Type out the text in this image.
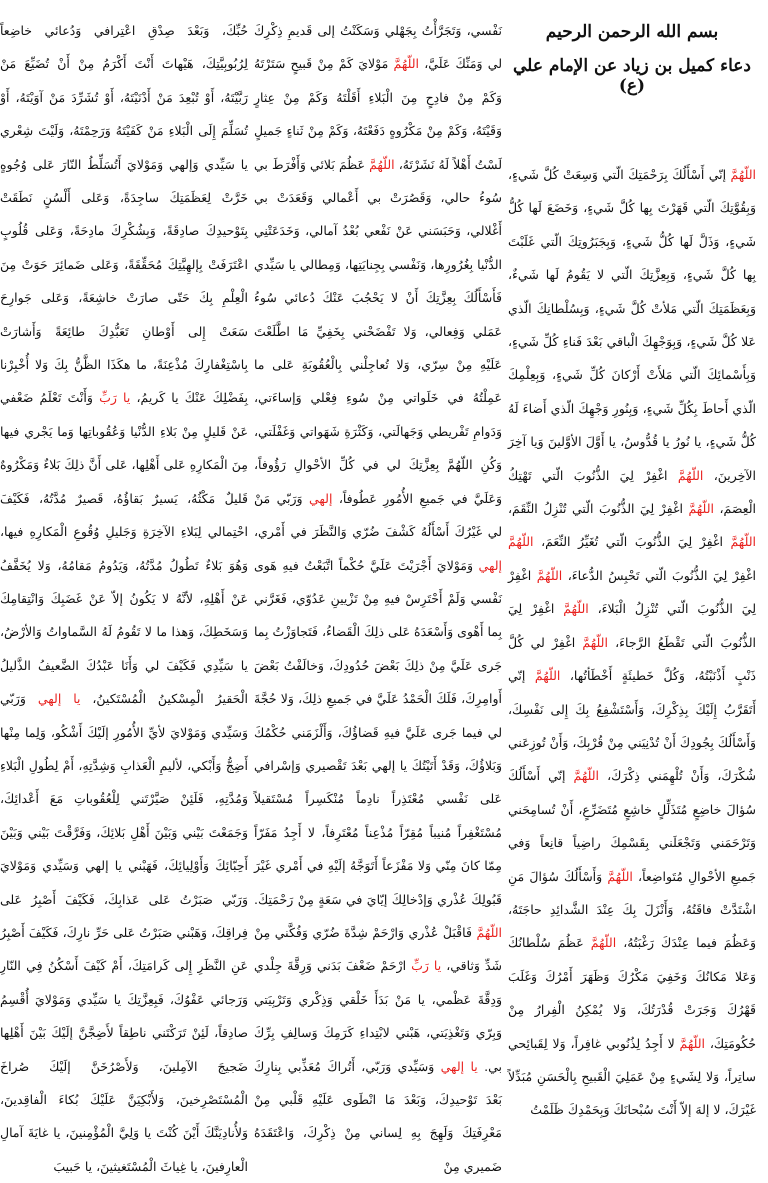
بسم الله الرحمن الرحيم
دعاء كميل بن زياد عن الإمام علي (ع)

اللّهُمَّ إنّي أَسْأَلُكَ بِرَحْمَتِكَ الّتي وَسِعَتْ كُلَّ شَيءٍ، وَبِقُوَّتِكَ الّتي قَهَرْتَ بِها كُلَّ شَيءٍ، وَخَضَعَ لَها كُلُّ شَيءٍ، وَذَلَّ لَها كُلُّ شَيءٍ، وَبِجَبَرُوتِكَ الّتي غَلَبْتَ بِها كُلَّ شَيءٍ، وَبِعِزَّتِكَ الّتي لا يَقُومُ لَها شَيءٌ، وَبِعَظَمَتِكَ الّتي مَلأتْ كُلَّ شَيءٍ، وَبِسُلْطانِكَ الّذي عَلا كُلَّ شَيءٍ، وَبِوَجْهِكَ الْباقي بَعْدَ فَناءِ كُلِّ شَيءٍ، وَبِأَسْمائِكَ الّتي مَلأَتْ أَرْكانَ كُلِّ شَيءٍ، وَبِعِلْمِكَ الّذي أَحاطَ بِكُلِّ شَيءٍ، وَبِنُورِ وَجْهِكَ الّذي أَضاءَ لَهُ كُلُّ شَيءٍ، يا نُورُ يا قُدُّوسُ، يا أَوَّلَ الأوَّلينَ وَيا آخِرَ الآخِرينَ، اللّهُمَّ اغْفِرْ لِيَ الذُّنُوبَ الّتي تَهْتِكُ الْعِصَمَ، اللّهُمَّ اغْفِرْ لِيَ الذُّنُوبَ الّتي تُنْزِلُ النِّقَمَ، اللّهُمَّ اغْفِرْ لِيَ الذُّنُوبَ الّتي تُغَيِّرُ النِّعَمَ، اللّهُمَّ اغْفِرْ لِيَ الذُّنُوبَ الّتي تَحْبِسُ الدُّعاءَ، اللّهُمَّ اغْفِرْ لِيَ الذُّنُوبَ الّتي تُنْزِلُ الْبَلاءَ، اللّهُمَّ اغْفِرْ لِيَ الذُّنُوبَ الّتي تَقْطَعُ الرَّجاءَ، اللّهُمَّ اغْفِرْ لي كُلَّ ذَنْبٍ أَذْنَبْتُهُ، وَكُلَّ خَطيئَةٍ أَخْطَأتُها، اللّهُمَّ إنّي أَتَقَرَّبُ إِلَيْكَ بِذِكْرِكَ، وَأَسْتَشْفِعُ بِكَ إِلى نَفْسِكَ، وَأَسْأَلُكَ بِجُودِكَ أَنْ تُدْنِيَني مِنْ قُرْبِكَ، وَأَنْ تُوزِعَني شُكْرَكَ، وَأَنْ تُلْهِمَني ذِكْرَكَ، اللّهُمَّ إنّي أَسْأَلُكَ سُؤالَ خاضِعٍ مُتَذَلِّلٍ خاشِعٍ مُتَضَرِّعٍ، أَنْ تُسامِحَني وَتَرْحَمَني وَتَجْعَلَني بِقَسْمِكَ راضِياً قانِعاً وَفي جَميعِ الأحْوالِ مُتَواضِعاً، اللّهُمَّ وَأَسْأَلُكَ سُؤالَ مَنِ اشْتَدَّتْ فاقَتُهُ، وَأَنْزَلَ بِكَ عِنْدَ الشَّدائِدِ حاجَتَهُ، وَعَظُمَ فيما عِنْدَكَ رَغْبَتُهُ، اللّهُمَّ عَظُمَ سُلْطانُكَ وَعَلا مَكانُكَ وَخَفِيَ مَكْرُكَ وَظَهَرَ أَمْرُكَ وَغَلَبَ قَهْرُكَ وَجَرَتْ قُدْرَتُكَ، وَلا يُمْكِنُ الْفِرارُ مِنْ حُكُومَتِكَ، اللّهُمَّ لا أَجِدُ لِذُنُوبي غافِراً، وَلا لِقَبائِحي ساتِراً، وَلا لِشَيءٍ مِنْ عَمَلِيَ الْقَبيحِ بِالْحَسَنِ مُبَدِّلاً غَيْرَكَ، لا إلهَ إلاّ أَنْتَ سُبْحانَكَ وَبِحَمْدِكَ ظَلَمْتُ

نَفْسي، وَتَجَرَّأْتُ بِجَهْلي وَسَكَنْتُ إلى قَديمِ ذِكْرِكَ لي وَمَنِّكَ عَلَيَّ، اللّهُمَّ مَوْلايَ كَمْ مِنْ قَبيحٍ سَتَرْتَهُ وَكَمْ مِنْ فادِحٍ مِنَ الْبَلاءِ أَقَلْتَهُ وَكَمْ مِنْ عِثارٍ وَقَيْتَهُ، وَكَمْ مِنْ مَكْرُوهٍ دَفَعْتَهُ، وَكَمْ مِنْ ثَناءٍ جَميلٍ لَسْتُ أَهْلاً لَهُ نَشَرْتَهُ، اللّهُمَّ عَظُمَ بَلائي وَأَفْرَطَ بي سُوءُ حالي، وَقَصُرَتْ بي أَعْمالي وَقَعَدَتْ بي أَغْلالي، وَحَبَسَني عَنْ نَفْعي بُعْدُ آمالي، وَخَدَعَتْنِي الدُّنْيا بِغُرُورِها، وَنَفْسي بِجِنايَتِها، وَمِطالي يا سَيِّدي فَأَسْأَلُكَ بِعِزَّتِكَ أَنْ لا يَحْجُبَ عَنْكَ دُعائي سُوءُ عَمَلي وَفِعالي، وَلا تَفْضَحْني بِخَفِيِّ مَا اطَّلَعْتَ عَلَيْهِ مِنْ سِرّي، وَلا تُعاجِلْني بِالْعُقُوبَةِ عَلى ما عَمِلْتُهُ في خَلَواتي مِنْ سُوءِ فِعْلي وَإساءَتي، وَدَوامِ تَفْريطي وَجَهالَتي، وَكَثْرَةِ شَهَواتي وَغَفْلَتي، وَكُنِ اللّهُمَّ بِعِزَّتِكَ لي في كُلِّ الأحْوالِ رَؤُوفاً، وَعَلَيَّ في جَميعِ الأُمُورِ عَطُوفاً، إلهي وَرَبّي مَنْ لي غَيْرُكَ أَسْأَلُهُ كَشْفَ ضُرّي وَالنَّظَرَ في أَمْري، إلهي وَمَوْلايَ أَجْرَيْتَ عَلَيَّ حُكْماً اتَّبَعْتُ فيهِ هَوى نَفْسي وَلَمْ أَحْتَرِسْ فيهِ مِنْ تَزْيينِ عَدُوّي، فَغَرَّني بِما أَهْوى وَأَسْعَدَهُ عَلى ذلِكَ الْقَضاءُ، فَتَجاوَزْتُ بِما جَرى عَلَيَّ مِنْ ذلِكَ بَعْضَ حُدُودِكَ، وَخالَفْتُ بَعْضَ أَوامِرِكَ، فَلَكَ الْحَمْدُ عَلَيَّ في جَميعِ ذلِكَ، وَلا حُجَّةَ لي فيما جَرى عَلَيَّ فيهِ قَضاؤُكَ، وَأَلْزَمَني حُكْمُكَ وَبَلاؤُكَ، وَقَدْ أَتَيْتُكَ يا إلهي بَعْدَ تَقْصيري وَإسْرافي عَلى نَفْسي مُعْتَذِراً نادِماً مُنْكَسِراً مُسْتَقيلاً مُسْتَغْفِراً مُنيباً مُقِرّاً مُذْعِناً مُعْتَرِفاً، لا أَجِدُ مَفَرّاً مِمّا كانَ مِنّي وَلا مَفْزَعاً أَتَوَجَّهُ إلَيْهِ في أَمْري غَيْرَ قَبُولِكَ عُذْري وَإدْخالِكَ إيّايَ في سَعَةٍ مِنْ رَحْمَتِكَ. اللّهُمَّ فَاقْبَلْ عُذْري وَارْحَمْ شِدَّةَ ضُرّي وَفُكَّني مِنْ شَدِّ وَثاقي، يا رَبِّ ارْحَمْ ضَعْفَ بَدَني وَرِقَّةَ جِلْدي وَدِقَّةَ عَظْمي، يا مَنْ بَدَأَ خَلْقي وَذِكْري وَتَرْبِيَتي وَبِرّي وَتَغْذِيَتي، هَبْني لابْتِداءِ كَرَمِكَ وَسالِفِ بِرِّكَ بي. يا إلهي وَسَيِّدي وَرَبّي، أَتُراكَ مُعَذِّبي بِنارِكَ بَعْدَ تَوْحيدِكَ، وَبَعْدَ مَا انْطَوى عَلَيْهِ قَلْبي مِنْ مَعْرِفَتِكَ وَلَهِجَ بِهِ لِساني مِنْ ذِكْرِكَ، وَاعْتَقَدَهُ ضَميري مِنْ

حُبِّكَ، وَبَعْدَ صِدْقِ اعْتِرافي وَدُعائي خاضِعاً لِرُبُوبِيَّتِكَ، هَيْهاتَ أَنْتَ أَكْرَمُ مِنْ أَنْ تُضَيِّعَ مَنْ رَبَّيْتَهُ، أَوْ تُبْعِدَ مَنْ أَدْنَيْتَهُ، أَوْ تُشَرِّدَ مَنْ آوَيْتَهُ، أَوْ تُسَلِّمَ إِلَى الْبَلاءِ مَنْ كَفَيْتَهُ وَرَحِمْتَهُ، وَلَيْتَ شِعْري يا سَيِّدي وَإلهي وَمَوْلايَ أَتُسَلِّطُ النّارَ عَلى وُجُوهٍ خَرَّتْ لِعَظَمَتِكَ ساجِدَةً، وَعَلى أَلْسُنٍ نَطَقَتْ بِتَوْحيدِكَ صادِقَةً، وَبِشُكْرِكَ مادِحَةً، وَعَلى قُلُوبٍ اعْتَرَفَتْ بِإلهِيَّتِكَ مُحَقِّقَةً، وَعَلى ضَمائِرَ حَوَتْ مِنَ الْعِلْمِ بِكَ حَتّى صارَتْ خاشِعَةً، وَعَلى جَوارِحَ سَعَتْ إِلى أَوْطانِ تَعَبُّدِكَ طائِعَةً وَأَشارَتْ بِاسْتِغْفارِكَ مُذْعِنَةً، ما هكَذَا الظَّنُّ بِكَ وَلا أُخْبِرْنا بِفَضْلِكَ عَنْكَ يا كَريمُ، يا رَبِّ وَأَنْتَ تَعْلَمُ ضَعْفي عَنْ قَليلٍ مِنْ بَلاءِ الدُّنْيا وَعُقُوباتِها وَما يَجْري فيها مِنَ الْمَكارِهِ عَلى أَهْلِها، عَلى أَنَّ ذلِكَ بَلاءٌ وَمَكْرُوهٌ قَليلٌ مَكْثُهُ، يَسيرٌ بَقاؤُهُ، قَصيرٌ مُدَّتُهُ، فَكَيْفَ احْتِمالي لِبَلاءِ الآخِرَةِ وَجَليلِ وُقُوعِ الْمَكارِهِ فيها، وَهُوَ بَلاءٌ تَطُولُ مُدَّتُهُ، وَيَدُومُ مَقامُهُ، وَلا يُخَفَّفُ عَنْ أَهْلِهِ، لأنَّهُ لا يَكُونُ إلاّ عَنْ غَضَبِكَ وَانْتِقامِكَ وَسَخَطِكَ، وَهذا ما لا تَقُومُ لَهُ السَّماواتُ وَالأرْضُ، يا سَيِّدِي فَكَيْفَ لي وَأَنَا عَبْدُكَ الضَّعيفُ الذَّليلُ الْحَقيرُ الْمِسْكينُ الْمُسْتَكينُ، يا إلهي وَرَبّي وَسَيِّدي وَمَوْلايَ لأيِّ الأُمُورِ إلَيْكَ أَشْكُو، وَلِما مِنْها أَضِجُّ وَأَبْكي، لأليمِ الْعَذابِ وَشِدَّتِهِ، أَمْ لِطُولِ الْبَلاءِ وَمُدَّتِهِ، فَلَئِنْ صَيَّرْتَني لِلْعُقُوباتِ مَعَ أَعْدائِكَ، وَجَمَعْتَ بَيْني وَبَيْنَ أَهْلِ بَلائِكَ، وَفَرَّقْتَ بَيْني وَبَيْنَ أَحِبّائِكَ وَأَوْلِيائِكَ، فَهَبْني يا إلهي وَسَيِّدي وَمَوْلايَ وَرَبّي صَبَرْتُ عَلى عَذابِكَ، فَكَيْفَ أَصْبِرُ عَلى فِراقِكَ، وَهَبْني صَبَرْتُ عَلى حَرِّ نارِكَ، فَكَيْفَ أَصْبِرُ عَنِ النَّظَرِ إِلى كَرامَتِكَ، أَمْ كَيْفَ أَسْكُنُ فِي النّارِ وَرَجائي عَفْوُكَ، فَبِعِزَّتِكَ يا سَيِّدي وَمَوْلايَ أُقْسِمُ صادِقاً، لَئِنْ تَرَكْتَني ناطِقاً لأَضِجَّنَّ إلَيْكَ بَيْنَ أَهْلِها ضَجيجَ الآمِلينَ، وَلأَصْرُخَنَّ إلَيْكَ صُراخَ الْمُسْتَصْرِخينَ، وَلأَبْكِيَنَّ عَلَيْكَ بُكاءَ الْفاقِدينَ، وَلأُنادِيَنَّكَ أَيْنَ كُنْتَ يا وَلِيَّ الْمُؤْمِنينَ، يا غايَةَ آمالِ الْعارِفينَ، يا غِياثَ الْمُسْتَغيثينَ، يا حَبيبَ
